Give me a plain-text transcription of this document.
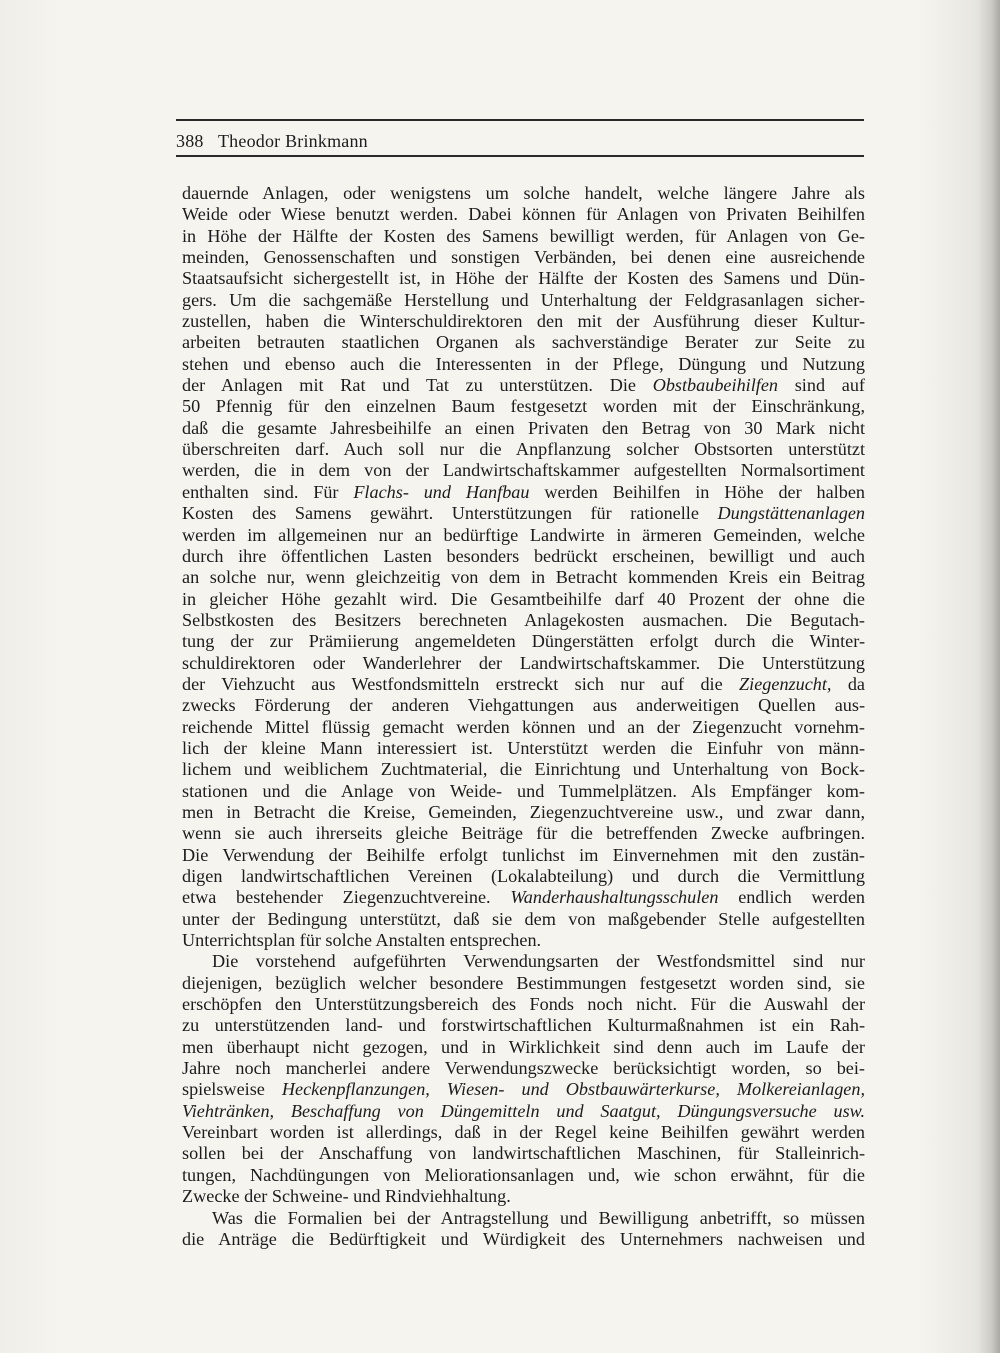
388 Theodor Brinkmann
dauernde Anlagen, oder wenigstens um solche handelt, welche längere Jahre als
Weide oder Wiese benutzt werden. Dabei können für Anlagen von Privaten Beihilfen
in Höhe der Hälfte der Kosten des Samens bewilligt werden, für Anlagen von Ge-
meinden, Genossenschaften und sonstigen Verbänden, bei denen eine ausreichende
Staatsaufsicht sichergestellt ist, in Höhe der Hälfte der Kosten des Samens und Dün-
gers. Um die sachgemäße Herstellung und Unterhaltung der Feldgrasanlagen sicher-
zustellen, haben die Winterschuldirektoren den mit der Ausführung dieser Kultur-
arbeiten betrauten staatlichen Organen als sachverständige Berater zur Seite zu
stehen und ebenso auch die Interessenten in der Pflege, Düngung und Nutzung
der Anlagen mit Rat und Tat zu unterstützen. Die Obstbaubeihilfen sind auf
50 Pfennig für den einzelnen Baum festgesetzt worden mit der Einschränkung,
daß die gesamte Jahresbeihilfe an einen Privaten den Betrag von 30 Mark nicht
überschreiten darf. Auch soll nur die Anpflanzung solcher Obstsorten unterstützt
werden, die in dem von der Landwirtschaftskammer aufgestellten Normalsortiment
enthalten sind. Für Flachs- und Hanfbau werden Beihilfen in Höhe der halben
Kosten des Samens gewährt. Unterstützungen für rationelle Dungstättenanlagen
werden im allgemeinen nur an bedürftige Landwirte in ärmeren Gemeinden, welche
durch ihre öffentlichen Lasten besonders bedrückt erscheinen, bewilligt und auch
an solche nur, wenn gleichzeitig von dem in Betracht kommenden Kreis ein Beitrag
in gleicher Höhe gezahlt wird. Die Gesamtbeihilfe darf 40 Prozent der ohne die
Selbstkosten des Besitzers berechneten Anlagekosten ausmachen. Die Begutach-
tung der zur Prämiierung angemeldeten Düngerstätten erfolgt durch die Winter-
schuldirektoren oder Wanderlehrer der Landwirtschaftskammer. Die Unterstützung
der Viehzucht aus Westfondsmitteln erstreckt sich nur auf die Ziegenzucht, da
zwecks Förderung der anderen Viehgattungen aus anderweitigen Quellen aus-
reichende Mittel flüssig gemacht werden können und an der Ziegenzucht vornehm-
lich der kleine Mann interessiert ist. Unterstützt werden die Einfuhr von männ-
lichem und weiblichem Zuchtmaterial, die Einrichtung und Unterhaltung von Bock-
stationen und die Anlage von Weide- und Tummelplätzen. Als Empfänger kom-
men in Betracht die Kreise, Gemeinden, Ziegenzuchtvereine usw., und zwar dann,
wenn sie auch ihrerseits gleiche Beiträge für die betreffenden Zwecke aufbringen.
Die Verwendung der Beihilfe erfolgt tunlichst im Einvernehmen mit den zustän-
digen landwirtschaftlichen Vereinen (Lokalabteilung) und durch die Vermittlung
etwa bestehender Ziegenzuchtvereine. Wanderhaushaltungsschulen endlich werden
unter der Bedingung unterstützt, daß sie dem von maßgebender Stelle aufgestellten
Unterrichtsplan für solche Anstalten entsprechen.
Die vorstehend aufgeführten Verwendungsarten der Westfondsmittel sind nur
diejenigen, bezüglich welcher besondere Bestimmungen festgesetzt worden sind, sie
erschöpfen den Unterstützungsbereich des Fonds noch nicht. Für die Auswahl der
zu unterstützenden land- und forstwirtschaftlichen Kulturmaßnahmen ist ein Rah-
men überhaupt nicht gezogen, und in Wirklichkeit sind denn auch im Laufe der
Jahre noch mancherlei andere Verwendungszwecke berücksichtigt worden, so bei-
spielsweise Heckenpflanzungen, Wiesen- und Obstbauwärterkurse, Molkereianlagen,
Viehtränken, Beschaffung von Düngemitteln und Saatgut, Düngungsversuche usw.
Vereinbart worden ist allerdings, daß in der Regel keine Beihilfen gewährt werden
sollen bei der Anschaffung von landwirtschaftlichen Maschinen, für Stalleinrich-
tungen, Nachdüngungen von Meliorationsanlagen und, wie schon erwähnt, für die
Zwecke der Schweine- und Rindviehhaltung.
Was die Formalien bei der Antragstellung und Bewilligung anbetrifft, so müssen
die Anträge die Bedürftigkeit und Würdigkeit des Unternehmers nachweisen und
